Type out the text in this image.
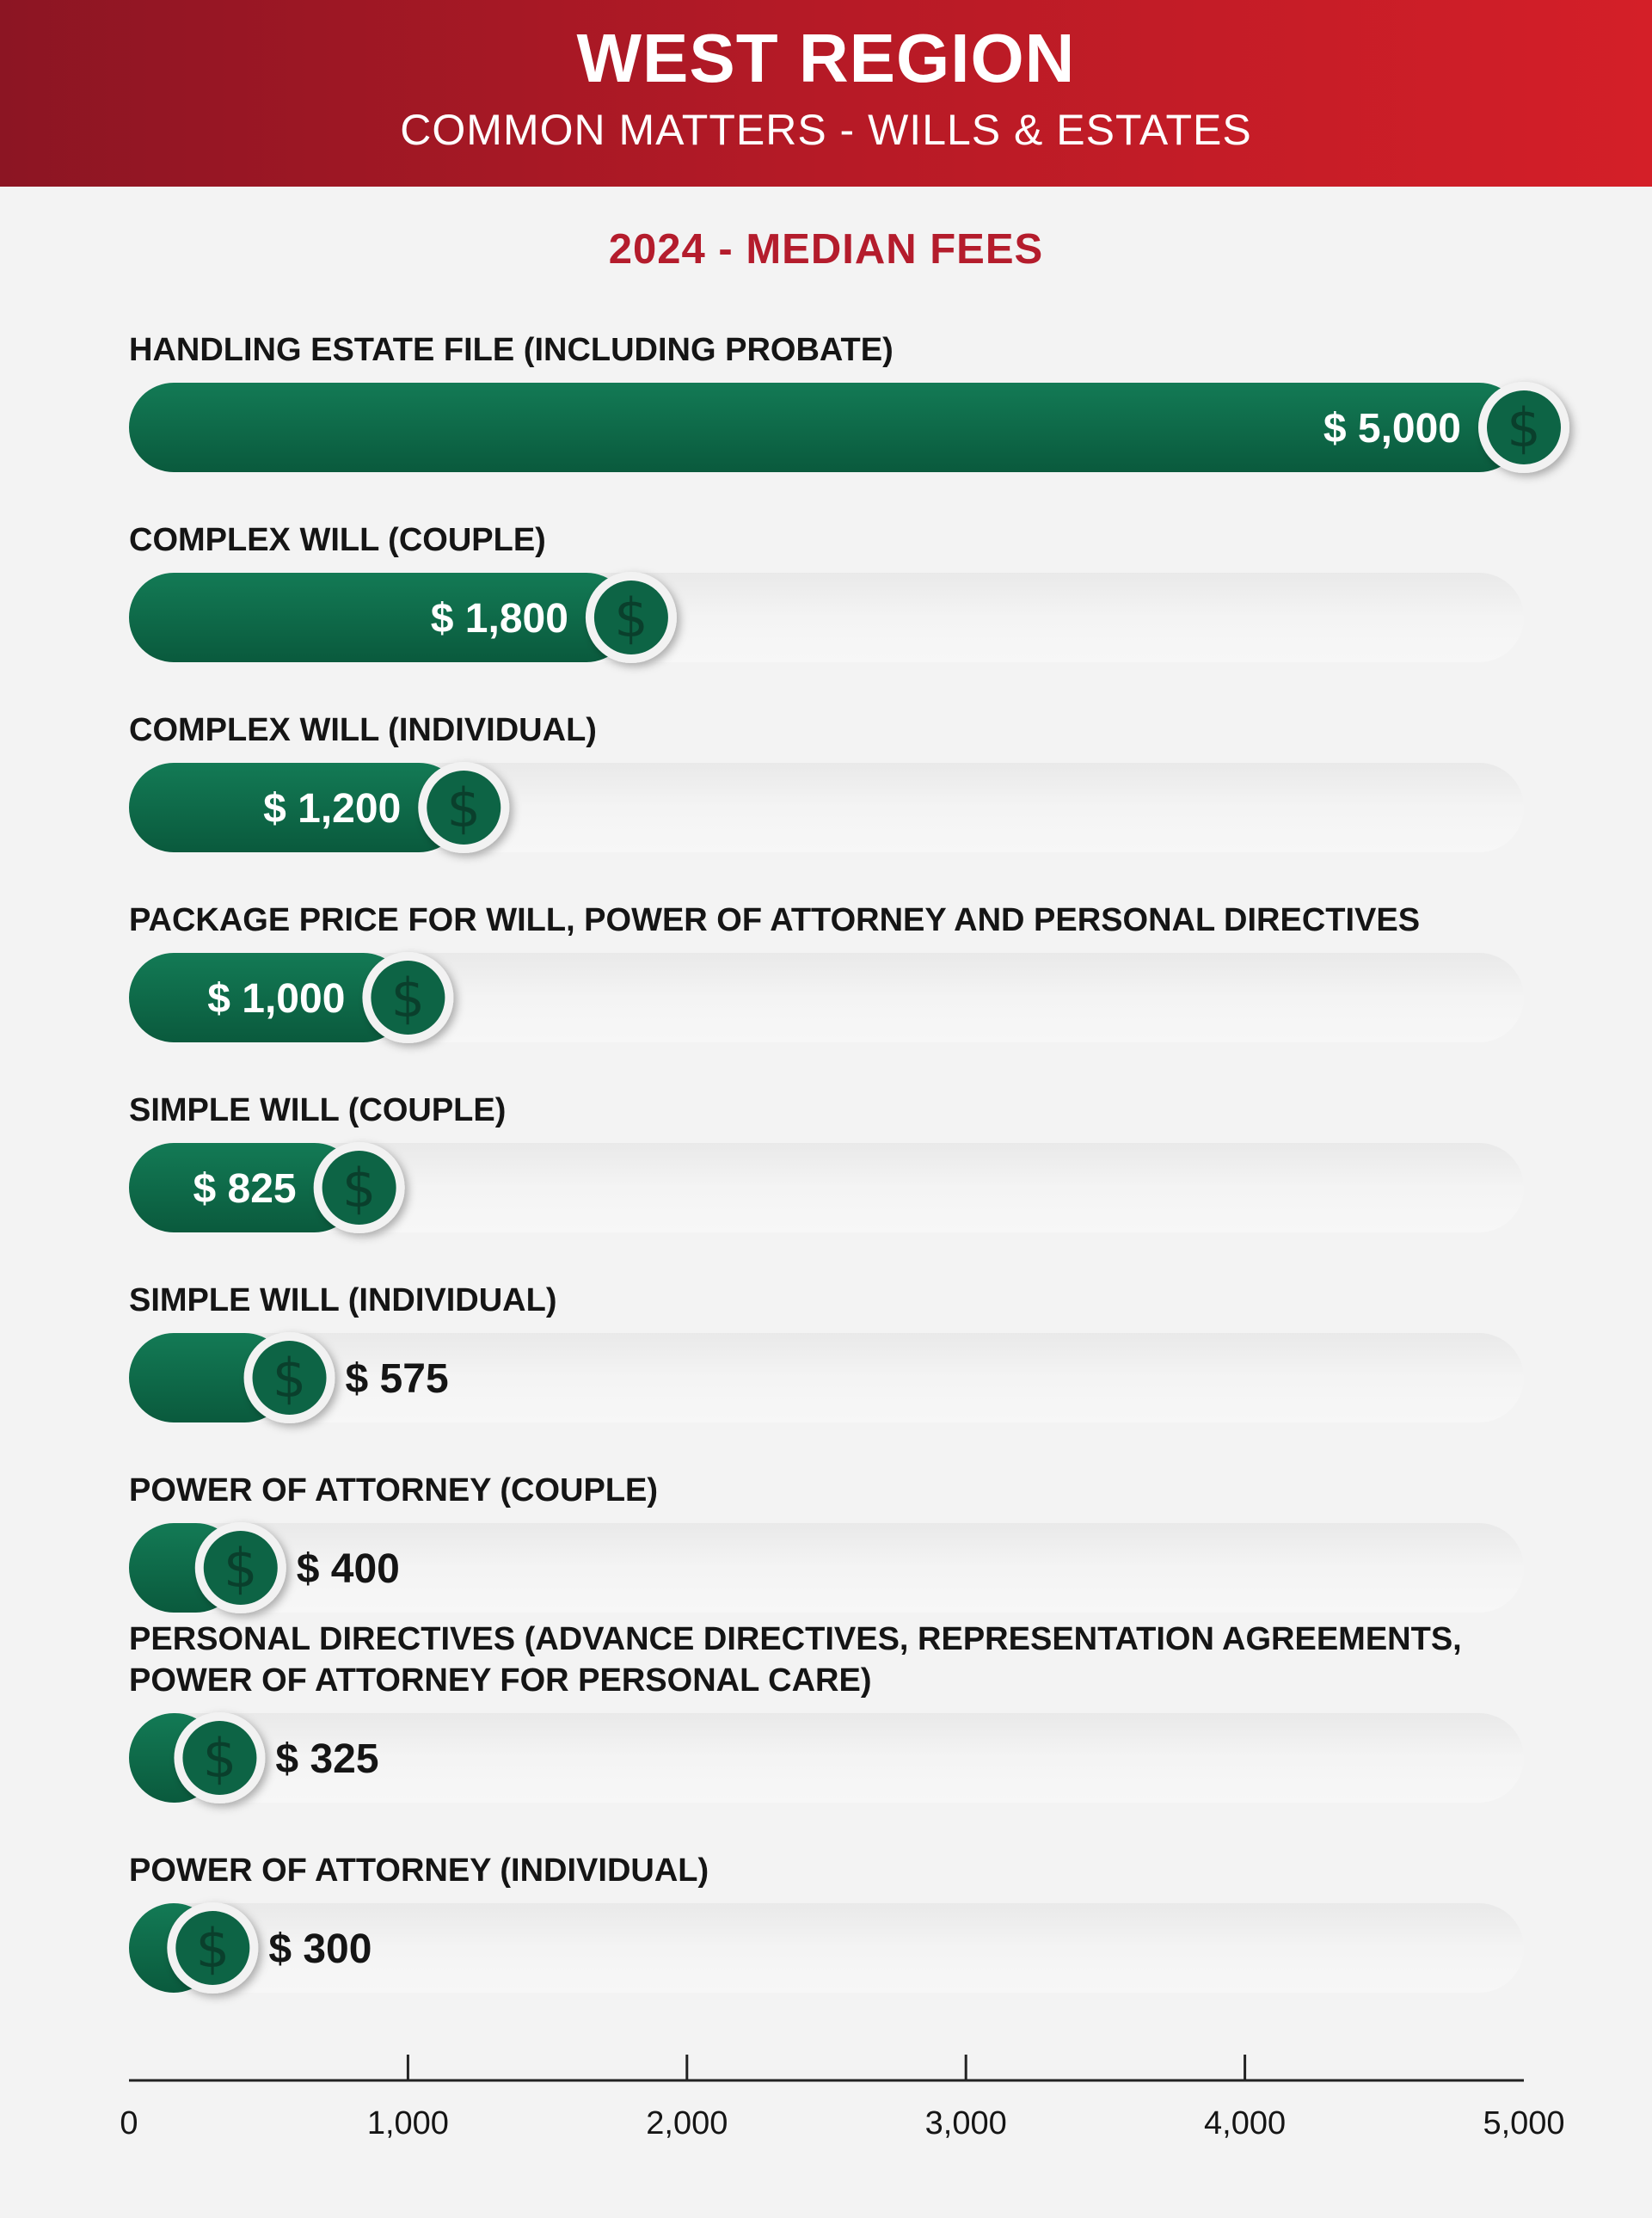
WEST REGION
COMMON MATTERS - WILLS & ESTATES
2024 - MEDIAN FEES
HANDLING ESTATE FILE (INCLUDING PROBATE)
$
$ 5,000
COMPLEX WILL (COUPLE)
$
$ 1,800
COMPLEX WILL (INDIVIDUAL)
$
$ 1,200
PACKAGE PRICE FOR WILL, POWER OF ATTORNEY AND PERSONAL DIRECTIVES
$
$ 1,000
SIMPLE WILL (COUPLE)
$
$ 825
SIMPLE WILL (INDIVIDUAL)
$ $ 575
POWER OF ATTORNEY (COUPLE)
$ $ 400
PERSONAL DIRECTIVES (ADVANCE DIRECTIVES, REPRESENTATION AGREEMENTS,
POWER OF ATTORNEY FOR PERSONAL CARE)
$ $ 325
POWER OF ATTORNEY (INDIVIDUAL)
$ $ 300
0	1,000	2,000	3,000	4,000	5,000
